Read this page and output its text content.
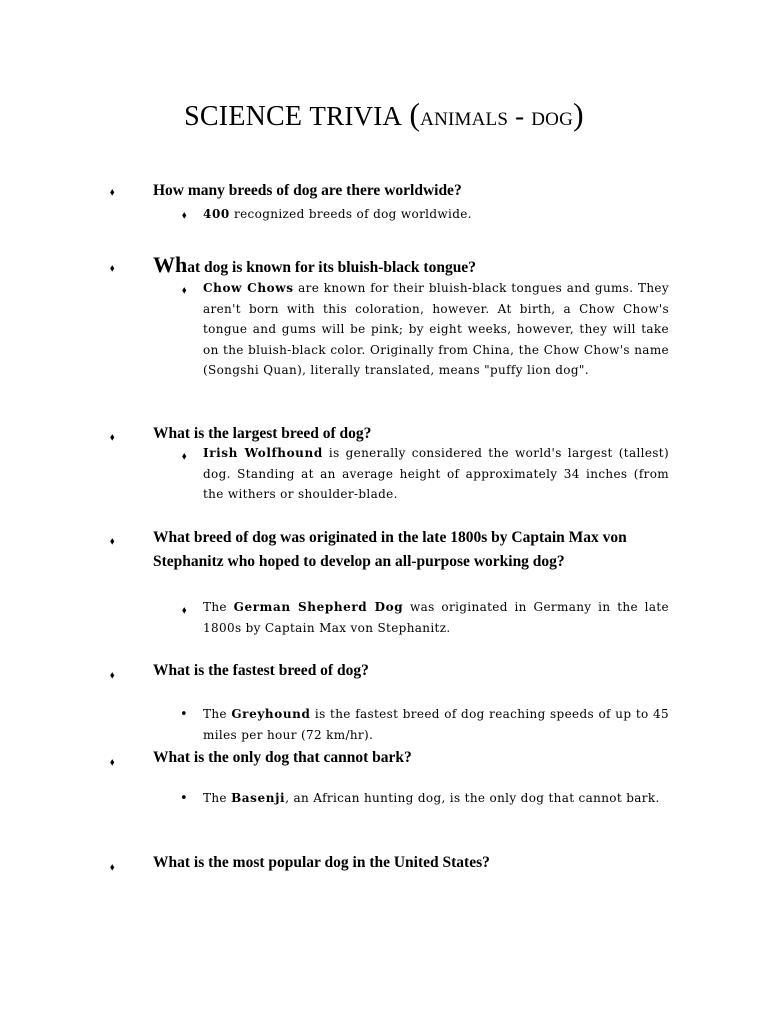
SCIENCE TRIVIA (animals - dog)
⬧ How many breeds of dog are there worldwide?
⬧ 400 recognized breeds of dog worldwide.
⬧ What dog is known for its bluish-black tongue?
⬧ Chow Chows are known for their bluish-black tongues and gums. They aren't born with this coloration, however. At birth, a Chow Chow's tongue and gums will be pink; by eight weeks, however, they will take on the bluish-black color. Originally from China, the Chow Chow's name (Songshi Quan), literally translated, means "puffy lion dog".
⬧ What is the largest breed of dog?
⬧ Irish Wolfhound is generally considered the world's largest (tallest) dog. Standing at an average height of approximately 34 inches (from the withers or shoulder-blade.
⬧ What breed of dog was originated in the late 1800s by Captain Max von Stephanitz who hoped to develop an all-purpose working dog?
⬧ The German Shepherd Dog was originated in Germany in the late 1800s by Captain Max von Stephanitz.
⬧ What is the fastest breed of dog?
• The Greyhound is the fastest breed of dog reaching speeds of up to 45 miles per hour (72 km/hr).
⬧ What is the only dog that cannot bark?
• The Basenji, an African hunting dog, is the only dog that cannot bark.
⬧ What is the most popular dog in the United States?
